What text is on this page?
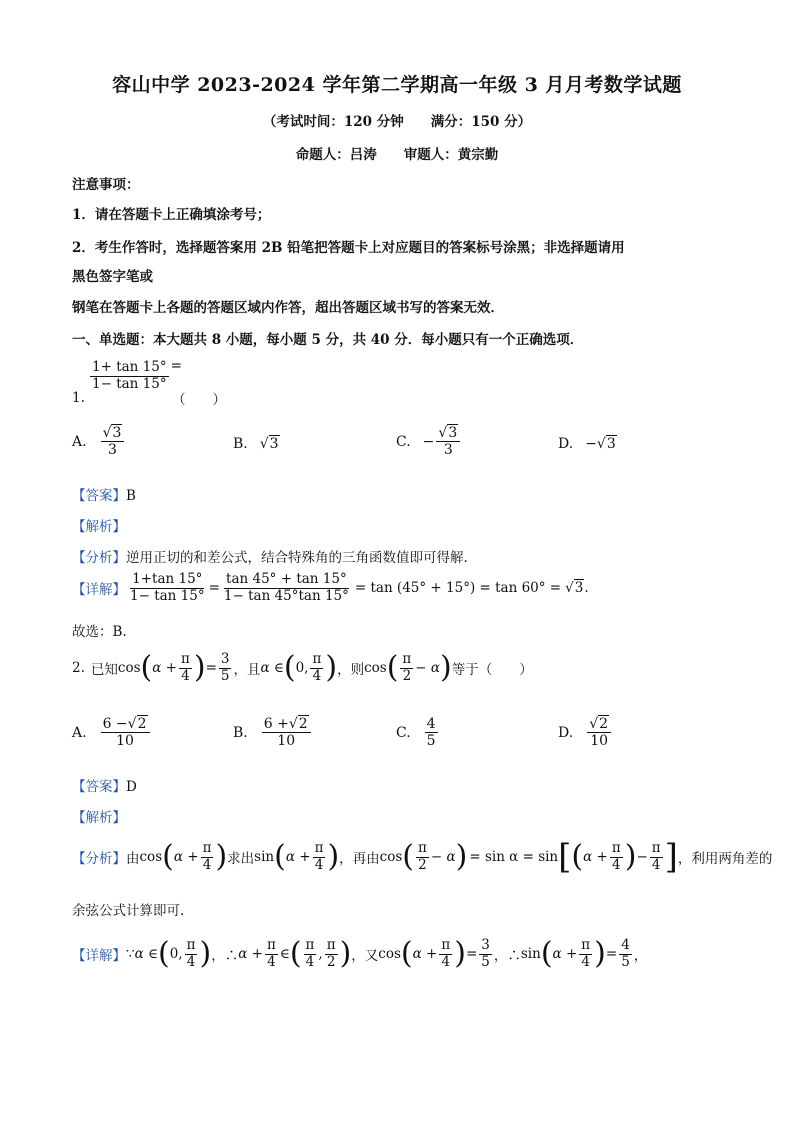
容山中学 2023-2024 学年第二学期高一年级 3 月月考数学试题
（考试时间：120 分钟　　满分：150 分）
命题人：吕涛　　审题人：黄宗勤
注意事项：
1．请在答题卡上正确填涂考号；
2．考生作答时，选择题答案用 2B 铅笔把答题卡上对应题目的答案标号涂黑；非选择题请用
黑色签字笔或
钢笔在答题卡上各题的答题区域内作答，超出答题区域书写的答案无效．
一、单选题：本大题共 8 小题，每小题 5 分，共 40 分．每小题只有一个正确选项．
1.
$\frac{1+ \tan 15^\circ}{1- \tan 15^\circ}$ =
（　　）
A. $\frac{√3}{3}$	B. √3	C. − $\frac{√3}{3}$	D. − √3
【答案】B
【解析】
【分析】逆用正切的和差公式，结合特殊角的三角函数值即可得解.
【详解】 $\frac{1+\tan 15^\circ}{1- \tan 15^\circ} = \frac{\tan 45^\circ + \tan 15^\circ}{1- \tan 45^\circ\tan 15^\circ} = \tan (45^\circ + 15^\circ) = \tan 60^\circ = √3$ .
故选：B.
2. 已知 cos ( $\alpha + \frac{\pi}{4}$ ) = $\frac{3}{5}$ ，且 α ∈ ( 0, $\frac{\pi}{4}$ ) ，则 cos ( $\frac{\pi}{2} - \alpha$ ) 等于（　　）
A. $\frac{6 -√2}{10}$	B. $\frac{6 +√2}{10}$	C. $\frac{4}{5}$	D. $\frac{√2}{10}$
【答案】D
【解析】
【分析】 由 cos ( $\alpha + \frac{\pi}{4}$ ) 求出 sin ( $\alpha + \frac{\pi}{4}$ ) ，再由 cos ( $\frac{\pi}{2} - \alpha$ ) = sin α = sin [ ( $\alpha + \frac{\pi}{4}$ ) − $\frac{\pi}{4}$ ] ，利用两角差的
余弦公式计算即可.
【详解】 ∵ α ∈ ( 0, $\frac{\pi}{4}$ ) ，∴ $\alpha + \frac{\pi}{4}$ ∈ ( $\frac{\pi}{4}$ , $\frac{\pi}{2}$ ) ，又 cos ( $\alpha + \frac{\pi}{4}$ ) = $\frac{3}{5}$ ，∴ sin ( $\alpha + \frac{\pi}{4}$ ) = $\frac{4}{5}$ ，
